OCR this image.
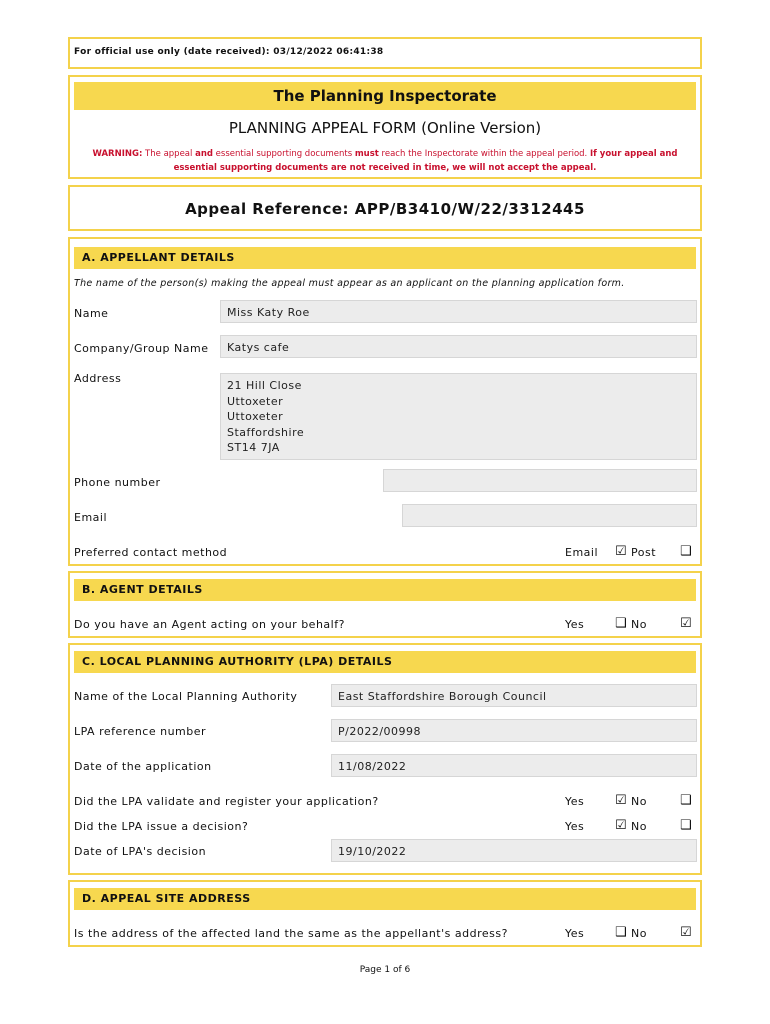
For official use only (date received): 03/12/2022 06:41:38
The Planning Inspectorate
PLANNING APPEAL FORM (Online Version)
WARNING: The appeal and essential supporting documents must reach the Inspectorate within the appeal period. If your appeal and essential supporting documents are not received in time, we will not accept the appeal.
Appeal Reference: APP/B3410/W/22/3312445
A. APPELLANT DETAILS
The name of the person(s) making the appeal must appear as an applicant on the planning application form.
Name	Miss Katy Roe
Company/Group Name	Katys cafe
Address
21 Hill Close
Uttoxeter
Uttoxeter
Staffordshire
ST14 7JA
Phone number
Email
Preferred contact method	Email ☑ Post ❑
B. AGENT DETAILS
Do you have an Agent acting on your behalf?	Yes ❑ No	☑
C. LOCAL PLANNING AUTHORITY (LPA) DETAILS
Name of the Local Planning Authority	East Staffordshire Borough Council
LPA reference number	P/2022/00998
Date of the application	11/08/2022
Did the LPA validate and register your application?	Yes ☑ No	❑
Did the LPA issue a decision?	Yes ☑ No	❑
Date of LPA's decision	19/10/2022
D. APPEAL SITE ADDRESS
Is the address of the affected land the same as the appellant's address?	Yes ❑ No	☑
Page 1 of 6
